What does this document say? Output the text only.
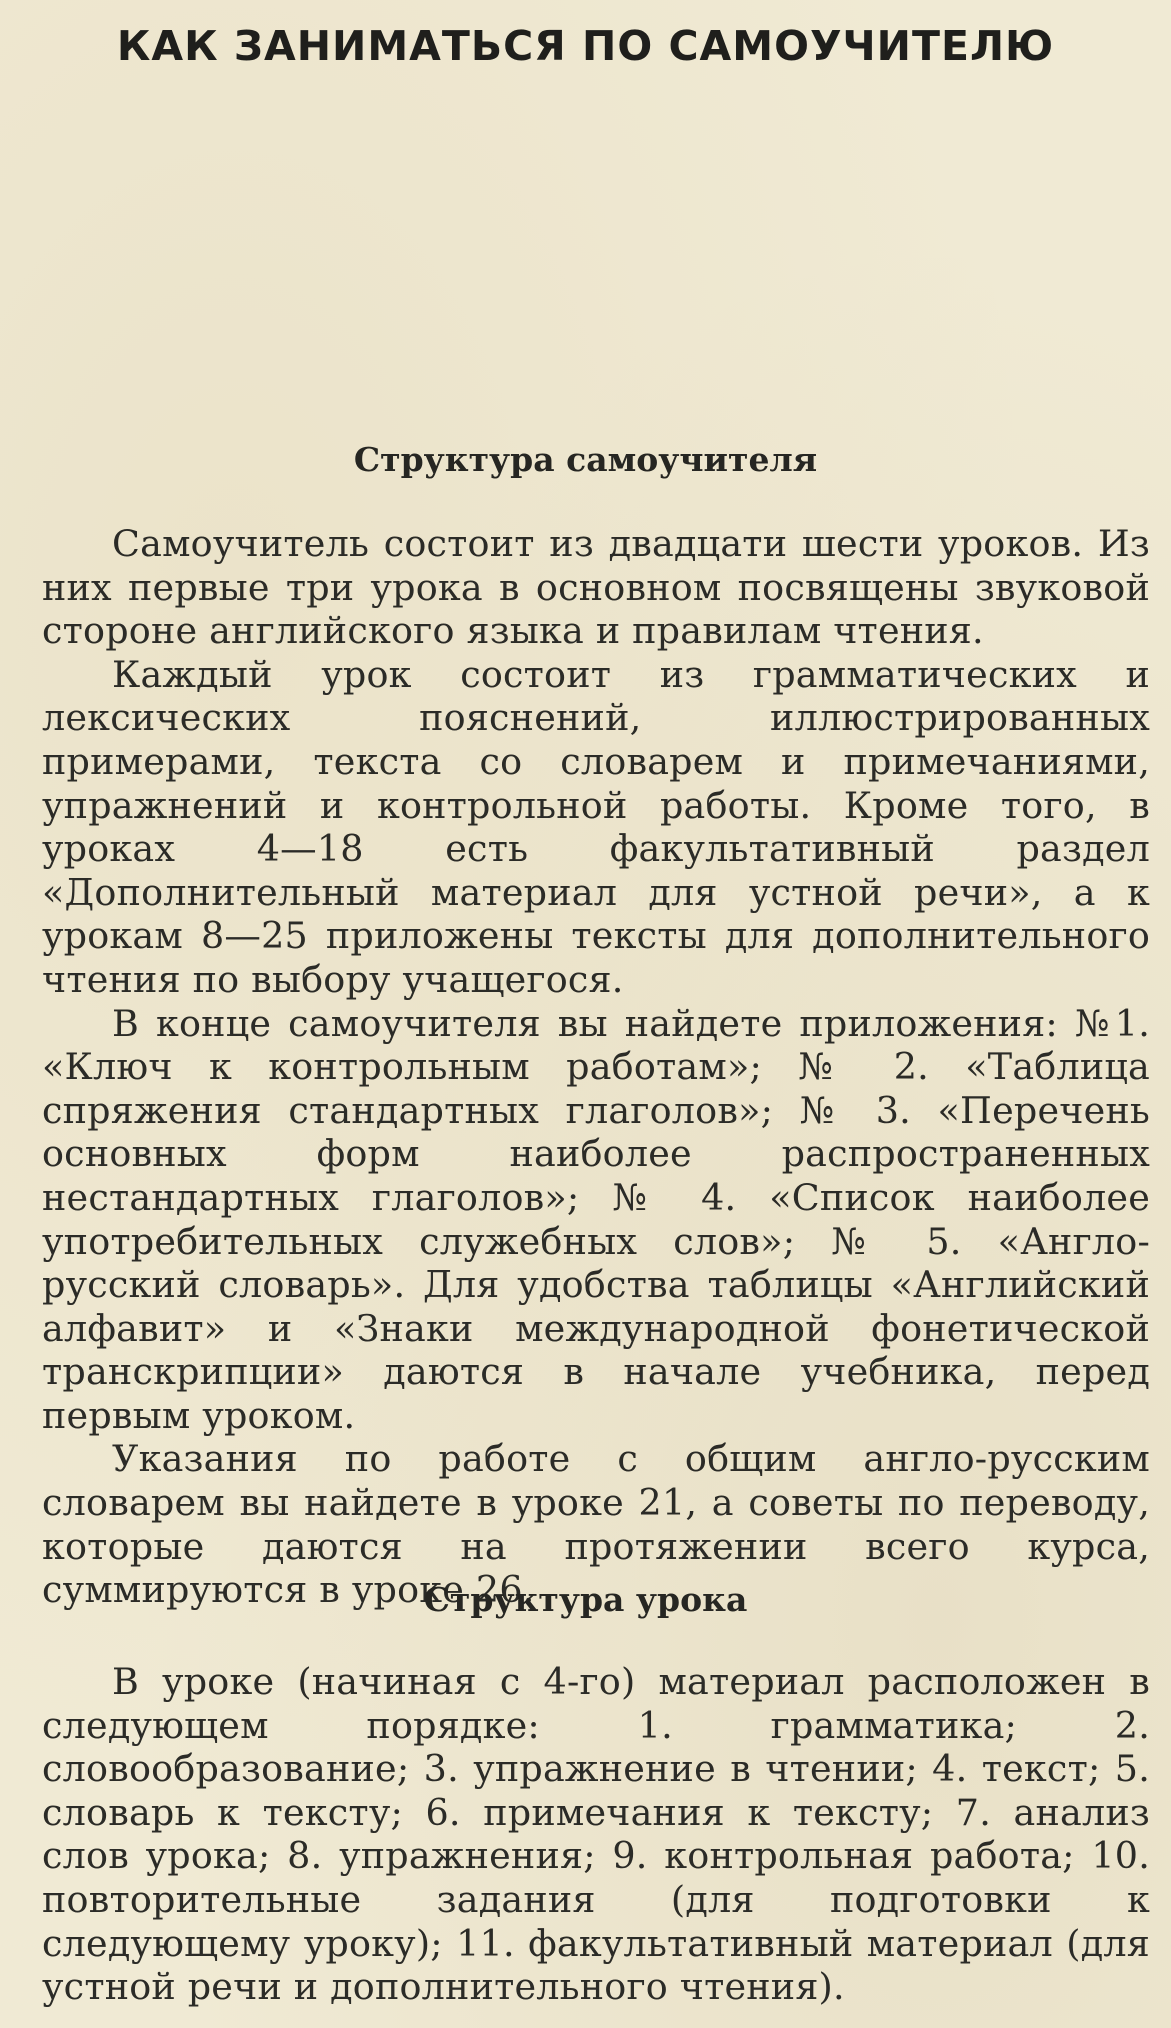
КАК ЗАНИМАТЬСЯ ПО САМОУЧИТЕЛЮ
Структура самоучителя

Самоучитель состоит из двадцати шести уроков. Из них первые три урока в основном посвящены звуковой стороне английского языка и правилам чтения.

Каждый урок состоит из грамматических и лексических пояснений, иллюстрированных примерами, текста со словарем и примечаниями, упражнений и контрольной работы. Кроме того, в уроках 4—18 есть факультативный раздел «Дополнительный материал для устной речи», а к урокам 8—25 приложены тексты для дополнительного чтения по выбору учащегося.

В конце самоучителя вы найдете приложения: №1. «Ключ к контрольным работам»; № 2. «Таблица спряжения стандартных глаголов»; № 3. «Перечень основных форм наиболее распространенных нестандартных глаголов»; № 4. «Список наиболее употребительных служебных слов»; № 5. «Англо-русский словарь». Для удобства таблицы «Английский алфавит» и «Знаки международной фонетической транскрипции» даются в начале учебника, перед первым уроком.

Указания по работе с общим англо-русским словарем вы найдете в уроке 21, а советы по переводу, которые даются на протяжении всего курса, суммируются в уроке 26.

Структура урока

В уроке (начиная с 4-го) материал расположен в следующем порядке: 1. грамматика; 2. словообразование; 3. упражнение в чтении; 4. текст; 5. словарь к тексту; 6. примечания к тексту; 7. анализ слов урока; 8. упражнения; 9. контрольная работа; 10. повторительные задания (для подготовки к следующему уроку); 11. факультативный материал (для устной речи и дополнительного чтения).
